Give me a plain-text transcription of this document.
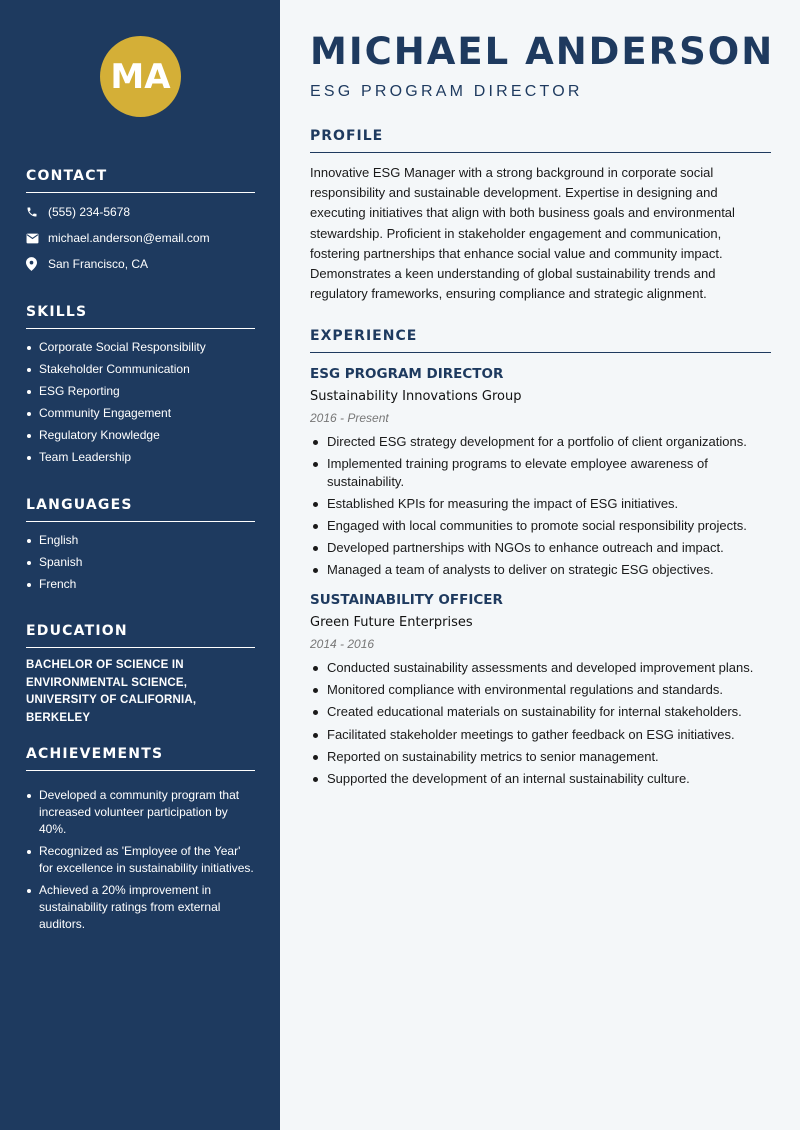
MA
CONTACT
(555) 234-5678
michael.anderson@email.com
San Francisco, CA
SKILLS
Corporate Social Responsibility
Stakeholder Communication
ESG Reporting
Community Engagement
Regulatory Knowledge
Team Leadership
LANGUAGES
English
Spanish
French
EDUCATION

BACHELOR OF SCIENCE IN ENVIRONMENTAL SCIENCE, UNIVERSITY OF CALIFORNIA, BERKELEY

ACHIEVEMENTS
Developed a community program that increased volunteer participation by 40%.
Recognized as 'Employee of the Year' for excellence in sustainability initiatives.
Achieved a 20% improvement in sustainability ratings from external auditors.
MICHAEL ANDERSON
ESG PROGRAM DIRECTOR
PROFILE

Innovative ESG Manager with a strong background in corporate social responsibility and sustainable development. Expertise in designing and executing initiatives that align with both business goals and environmental stewardship. Proficient in stakeholder engagement and communication, fostering partnerships that enhance social value and community impact. Demonstrates a keen understanding of global sustainability trends and regulatory frameworks, ensuring compliance and strategic alignment.

EXPERIENCE
ESG PROGRAM DIRECTOR
Sustainability Innovations Group
2016 - Present
Directed ESG strategy development for a portfolio of client organizations.
Implemented training programs to elevate employee awareness of sustainability.
Established KPIs for measuring the impact of ESG initiatives.
Engaged with local communities to promote social responsibility projects.
Developed partnerships with NGOs to enhance outreach and impact.
Managed a team of analysts to deliver on strategic ESG objectives.
SUSTAINABILITY OFFICER
Green Future Enterprises
2014 - 2016
Conducted sustainability assessments and developed improvement plans.
Monitored compliance with environmental regulations and standards.
Created educational materials on sustainability for internal stakeholders.
Facilitated stakeholder meetings to gather feedback on ESG initiatives.
Reported on sustainability metrics to senior management.
Supported the development of an internal sustainability culture.
